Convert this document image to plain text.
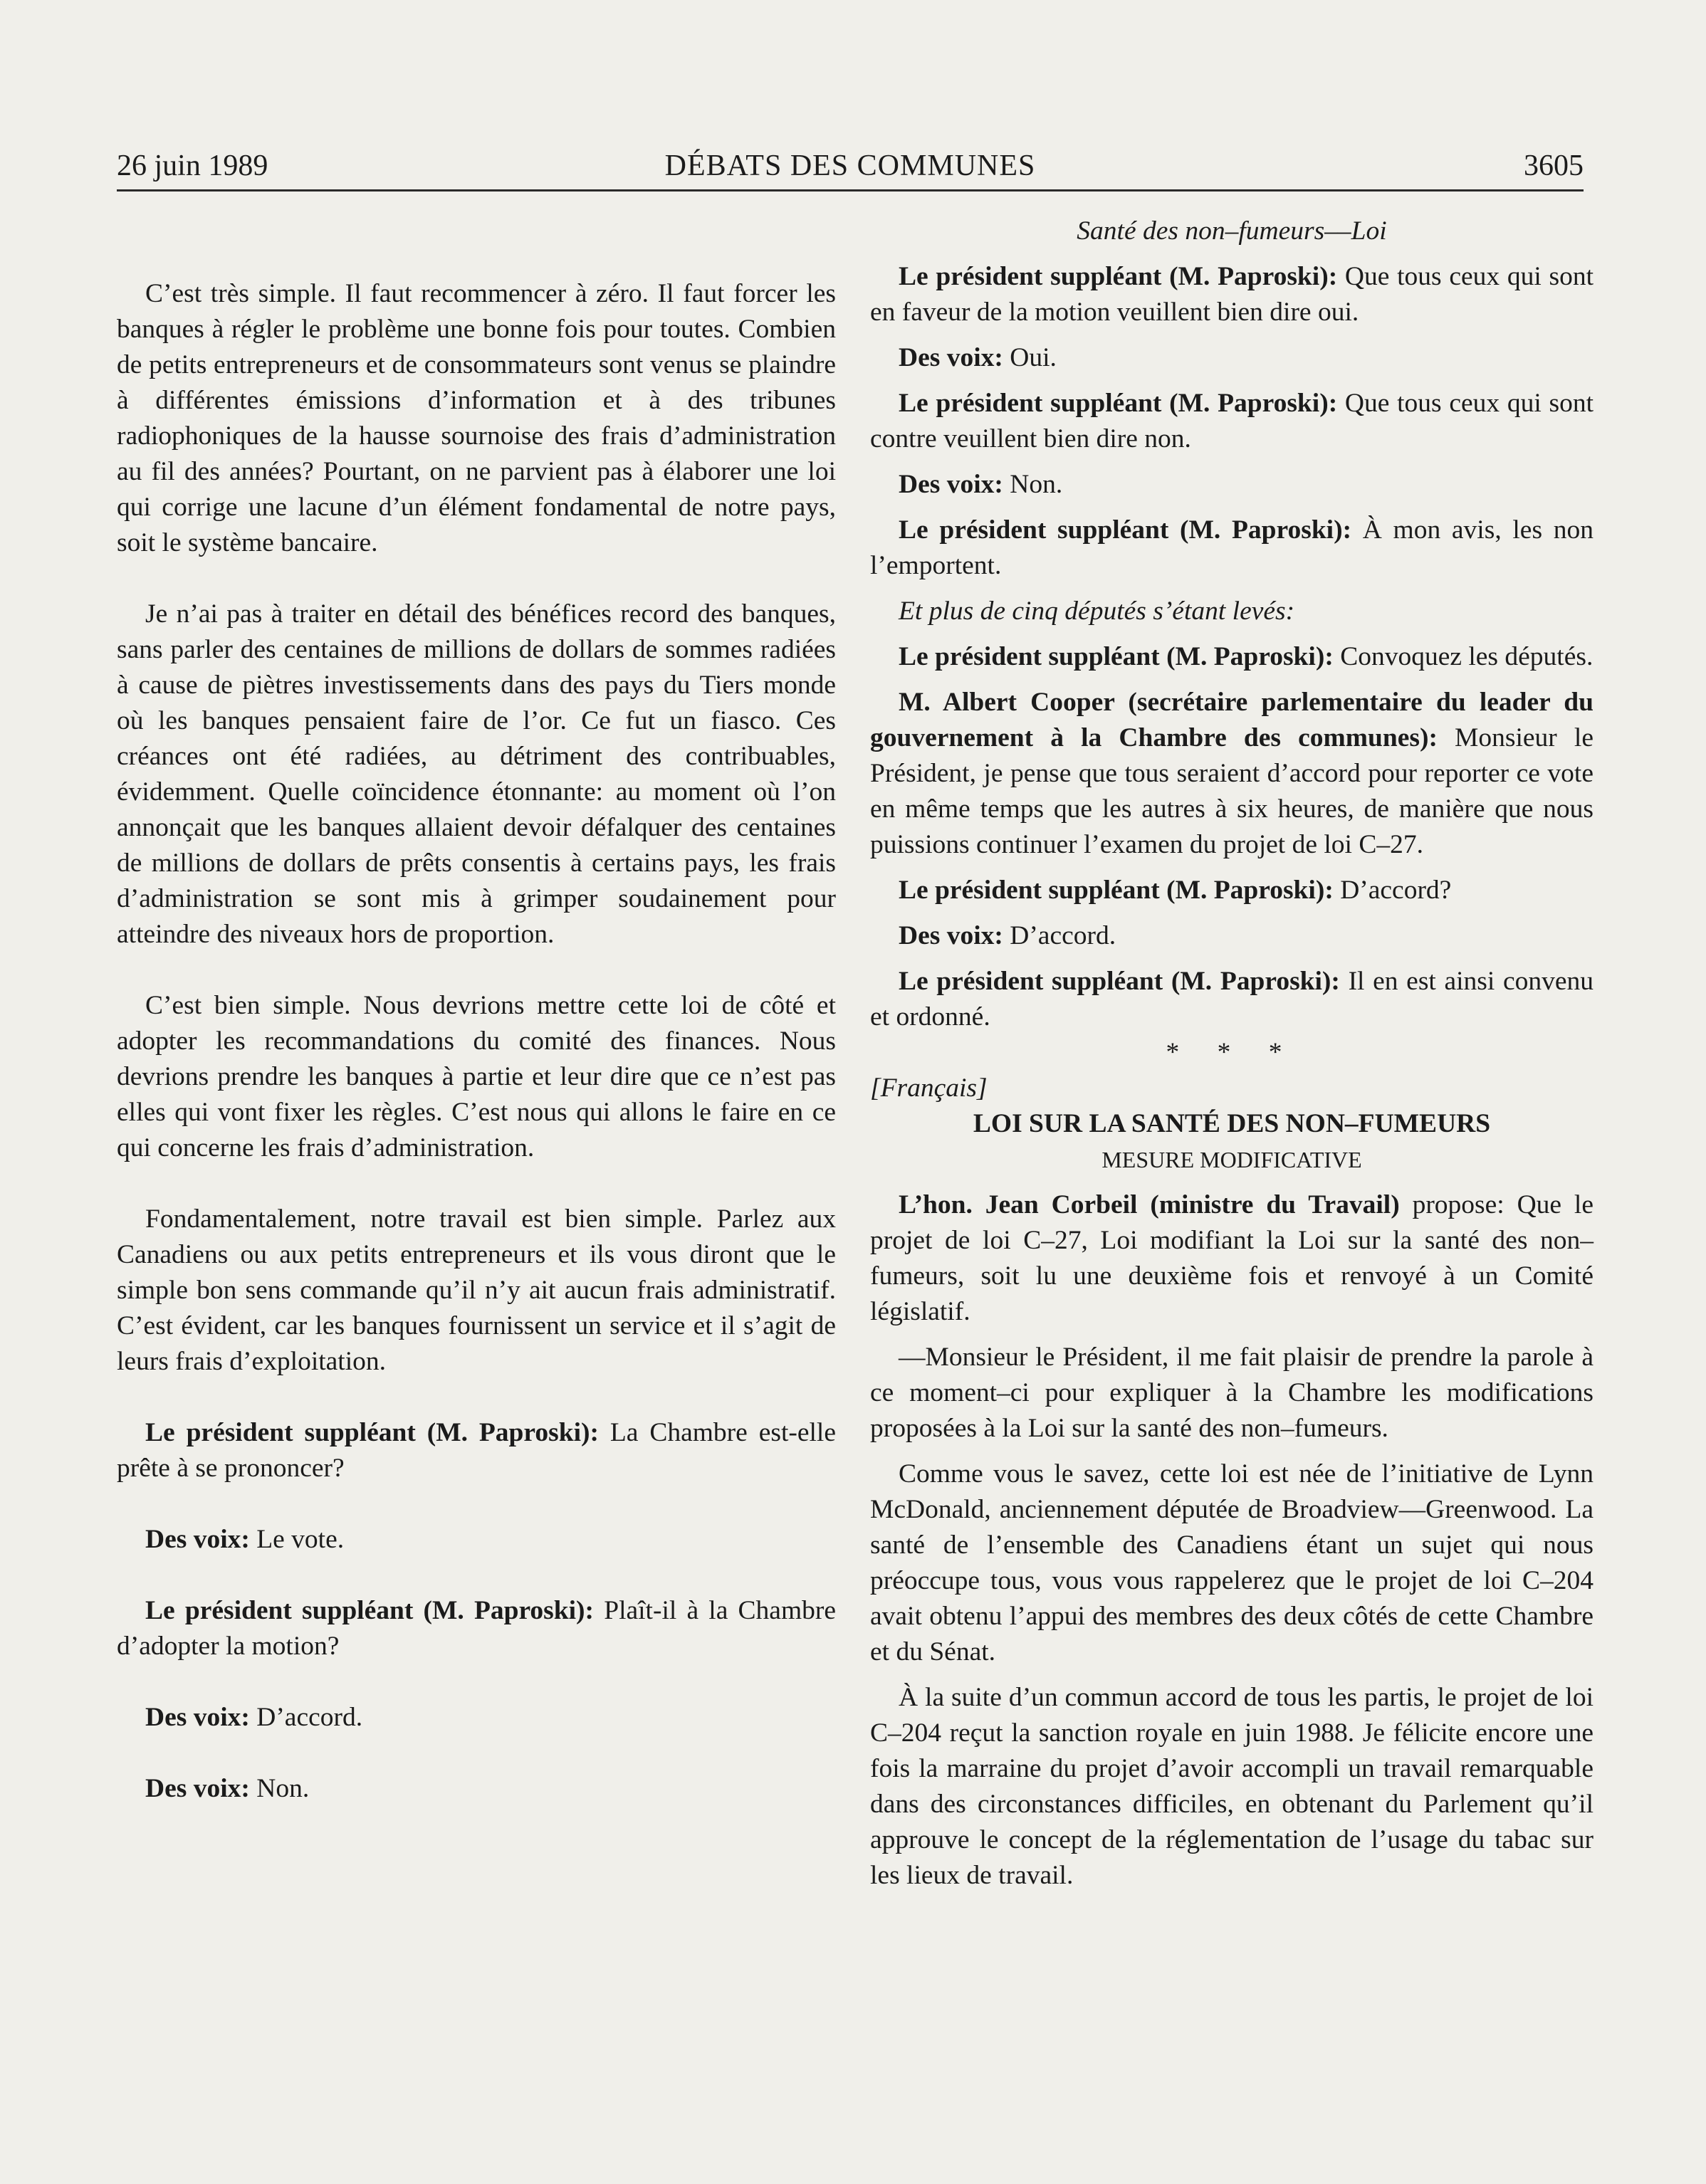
26 juin 1989	DÉBATS DES COMMUNES	3605

C’est très simple. Il faut recommencer à zéro. Il faut forcer les banques à régler le problème une bonne fois pour toutes. Combien de petits entrepreneurs et de consommateurs sont venus se plaindre à différentes émissions d’information et à des tribunes radiophoniques de la hausse sournoise des frais d’administration au fil des années? Pourtant, on ne parvient pas à élaborer une loi qui corrige une lacune d’un élément fondamental de notre pays, soit le système bancaire.

Je n’ai pas à traiter en détail des bénéfices record des banques, sans parler des centaines de millions de dollars de sommes radiées à cause de piètres investissements dans des pays du Tiers monde où les banques pensaient faire de l’or. Ce fut un fiasco. Ces créances ont été radiées, au détriment des contribuables, évidemment. Quelle coïncidence étonnante: au moment où l’on annonçait que les banques allaient devoir défalquer des centaines de millions de dollars de prêts consentis à certains pays, les frais d’administration se sont mis à grimper soudainement pour atteindre des niveaux hors de proportion.

C’est bien simple. Nous devrions mettre cette loi de côté et adopter les recommandations du comité des finances. Nous devrions prendre les banques à partie et leur dire que ce n’est pas elles qui vont fixer les règles. C’est nous qui allons le faire en ce qui concerne les frais d’administration.

Fondamentalement, notre travail est bien simple. Parlez aux Canadiens ou aux petits entrepreneurs et ils vous diront que le simple bon sens commande qu’il n’y ait aucun frais administratif. C’est évident, car les banques fournissent un service et il s’agit de leurs frais d’exploitation.

Le président suppléant (M. Paproski): La Chambre est-elle prête à se prononcer?

Des voix: Le vote.

Le président suppléant (M. Paproski): Plaît-il à la Chambre d’adopter la motion?

Des voix: D’accord.

Des voix: Non.

Santé des non–fumeurs––Loi

Le président suppléant (M. Paproski): Que tous ceux qui sont en faveur de la motion veuillent bien dire oui.

Des voix: Oui.

Le président suppléant (M. Paproski): Que tous ceux qui sont contre veuillent bien dire non.

Des voix: Non.

Le président suppléant (M. Paproski): À mon avis, les non l’emportent.

Et plus de cinq députés s’étant levés:

Le président suppléant (M. Paproski): Convoquez les députés.

M. Albert Cooper (secrétaire parlementaire du leader du gouvernement à la Chambre des communes): Monsieur le Président, je pense que tous seraient d’accord pour reporter ce vote en même temps que les autres à six heures, de manière que nous puissions continuer l’examen du projet de loi C–27.

Le président suppléant (M. Paproski): D’accord?

Des voix: D’accord.

Le président suppléant (M. Paproski): Il en est ainsi convenu et ordonné.

* * *

[Français]

LOI SUR LA SANTÉ DES NON–FUMEURS

MESURE MODIFICATIVE

L’hon. Jean Corbeil (ministre du Travail) propose: Que le projet de loi C–27, Loi modifiant la Loi sur la santé des non–fumeurs, soit lu une deuxième fois et renvoyé à un Comité législatif.

—Monsieur le Président, il me fait plaisir de prendre la parole à ce moment–ci pour expliquer à la Chambre les modifications proposées à la Loi sur la santé des non–fumeurs.

Comme vous le savez, cette loi est née de l’initiative de Lynn McDonald, anciennement députée de Broadview—Greenwood. La santé de l’ensemble des Canadiens étant un sujet qui nous préoccupe tous, vous vous rappelerez que le projet de loi C–204 avait obtenu l’appui des membres des deux côtés de cette Chambre et du Sénat.

À la suite d’un commun accord de tous les partis, le projet de loi C–204 reçut la sanction royale en juin 1988. Je félicite encore une fois la marraine du projet d’avoir accompli un travail remarquable dans des circonstances difficiles, en obtenant du Parlement qu’il approuve le concept de la réglementation de l’usage du tabac sur les lieux de travail.
